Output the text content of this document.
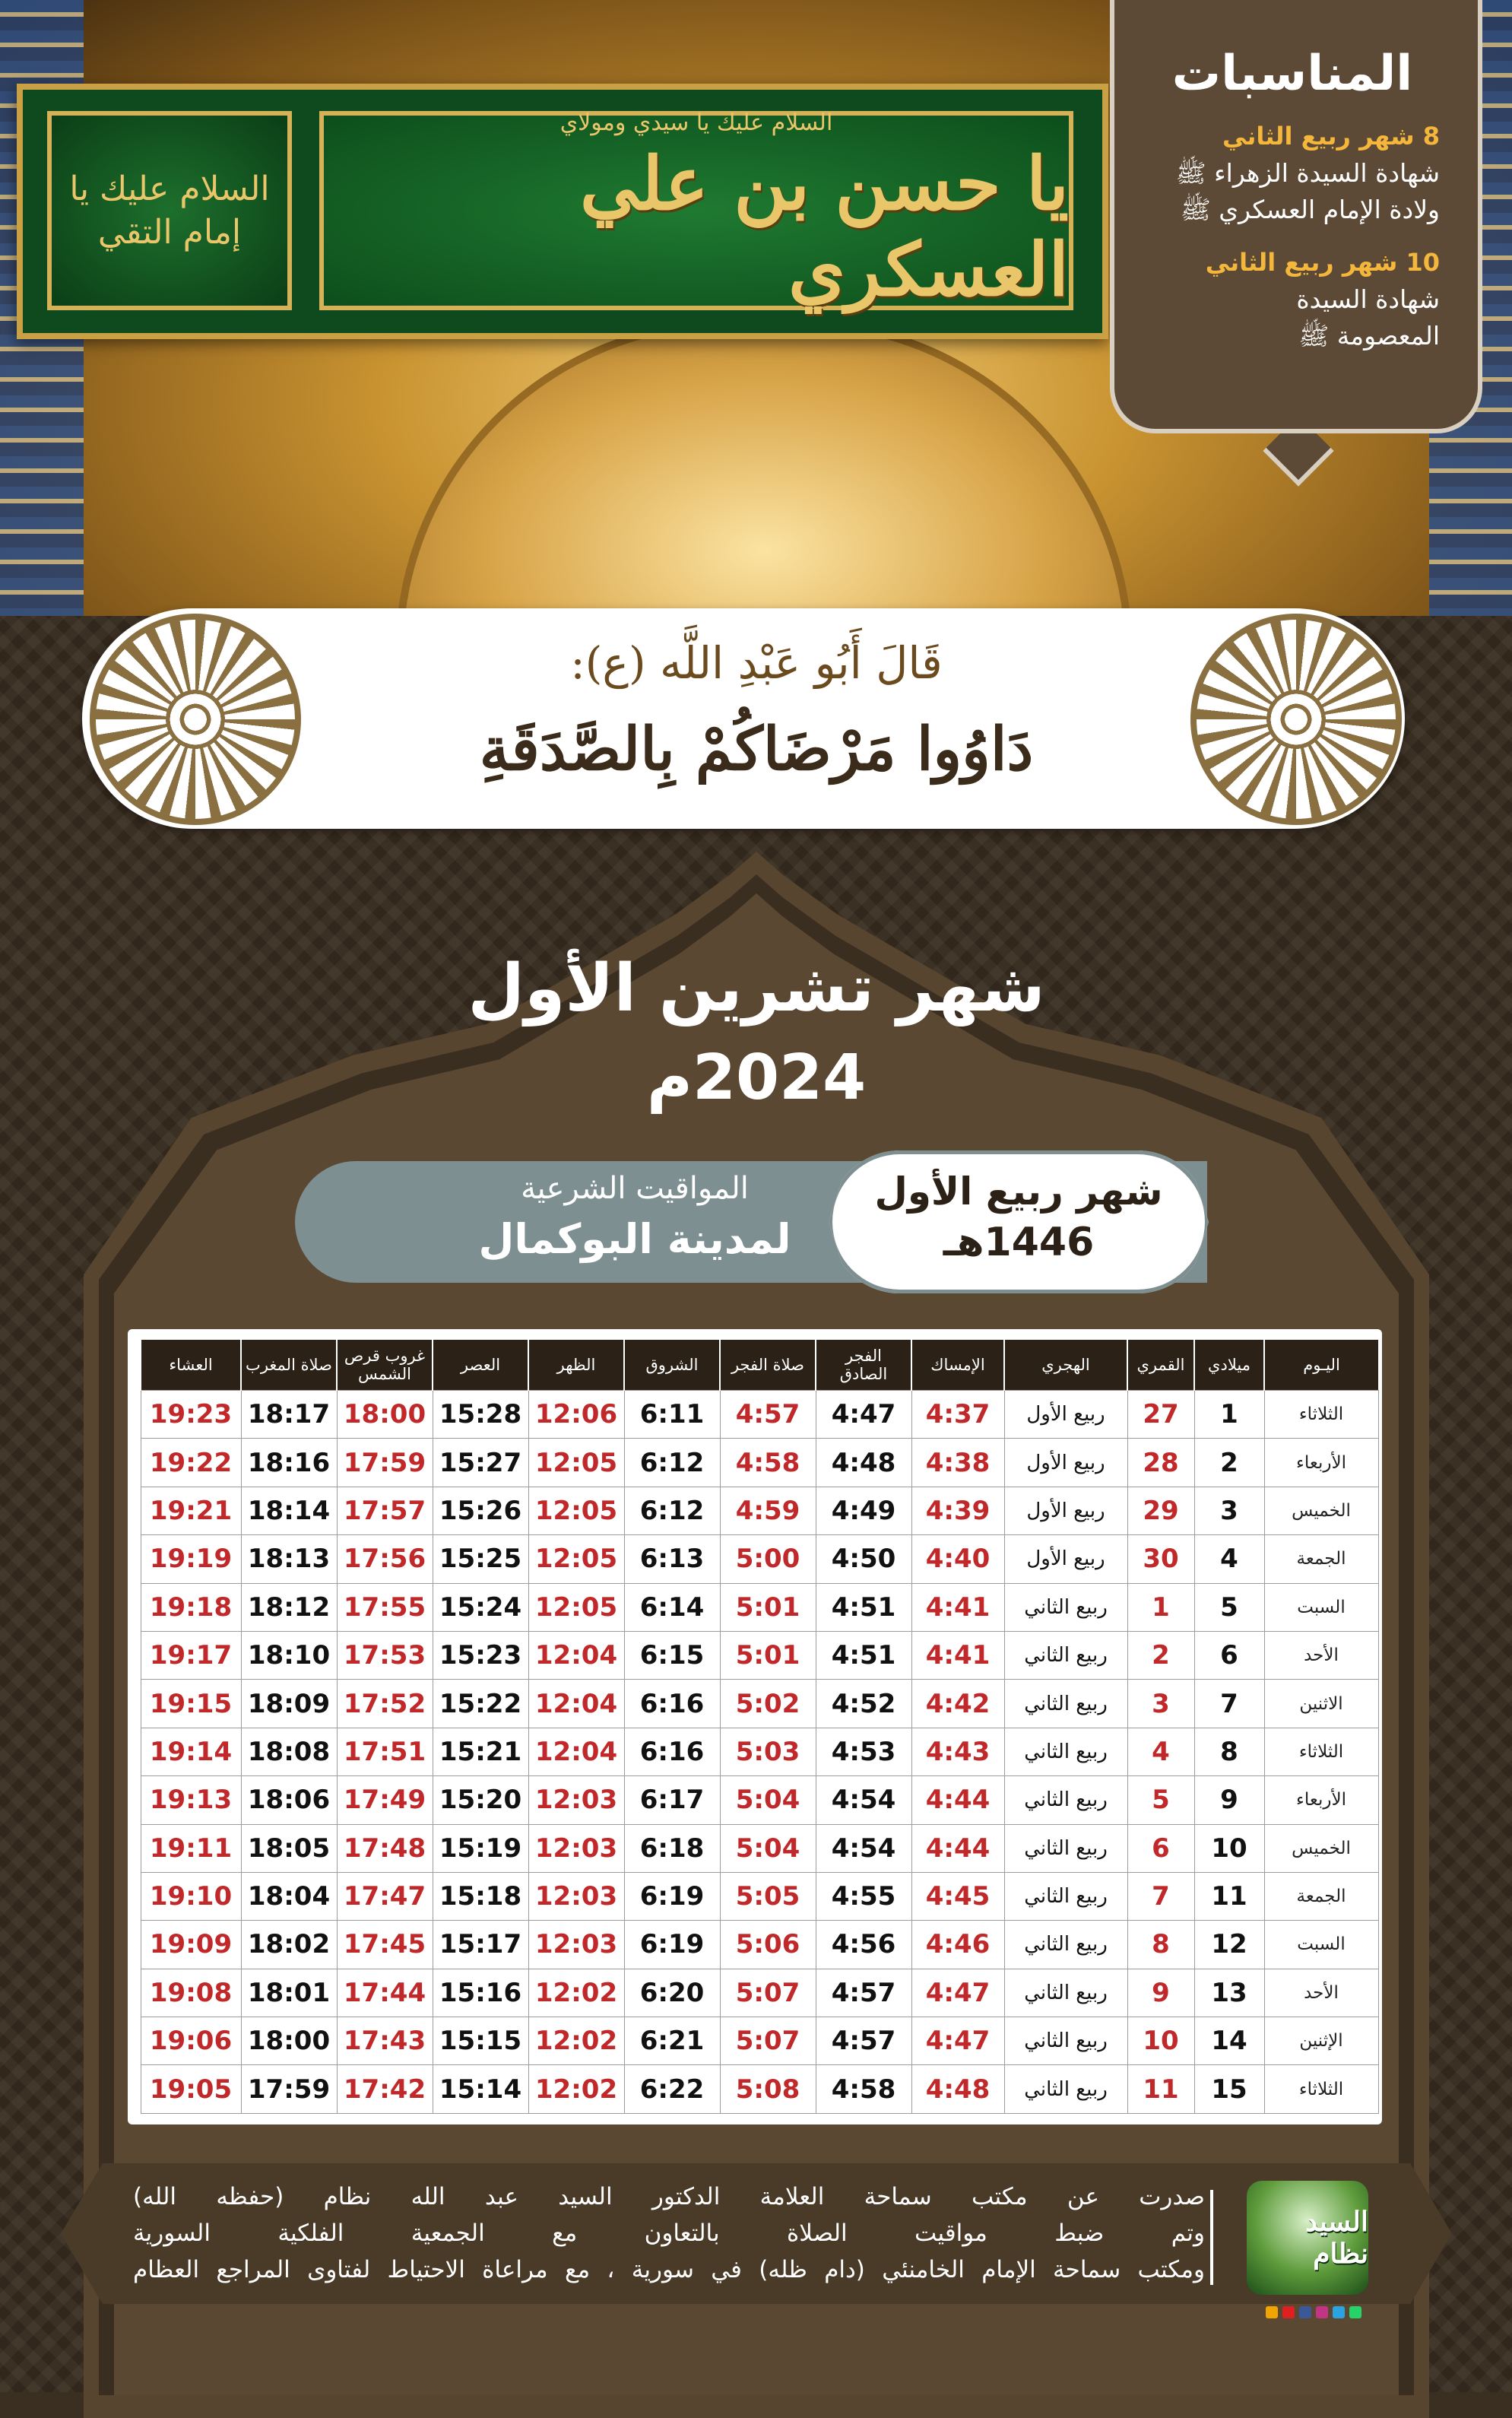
السلام عليك يا إمام التقي
السلام عليك يا سيدي ومولاي
يا حسن بن علي العسكري
المناسبات
8 شهر ربيع الثاني
شهادة السيدة الزهراء ﷺ
ولادة الإمام العسكري ﷺ
10 شهر ربيع الثاني
شهادة السيدة
المعصومة ﷺ
قَالَ أَبُو عَبْدِ اللَّه (ع):
دَاوُوا مَرْضَاكُمْ بِالصَّدَقَةِ
شهر تشرين الأول
2024م
المواقيت الشرعية
لمدينة البوكمال
شهر ربيع الأول
1446هـ
اليـوم	ميلادي	القمري	الهجري	الإمساك	الفجر الصادق	صلاة الفجر	الشروق	الظهر	العصر	غروب قرص الشمس	صلاة المغرب	العشاء
الثلاثاء	1	27	ربيع الأول	4:37	4:47	4:57	6:11	12:06	15:28	18:00	18:17	19:23
الأربعاء	2	28	ربيع الأول	4:38	4:48	4:58	6:12	12:05	15:27	17:59	18:16	19:22
الخميس	3	29	ربيع الأول	4:39	4:49	4:59	6:12	12:05	15:26	17:57	18:14	19:21
الجمعة	4	30	ربيع الأول	4:40	4:50	5:00	6:13	12:05	15:25	17:56	18:13	19:19
السبت	5	1	ربيع الثاني	4:41	4:51	5:01	6:14	12:05	15:24	17:55	18:12	19:18
الأحد	6	2	ربيع الثاني	4:41	4:51	5:01	6:15	12:04	15:23	17:53	18:10	19:17
الاثنين	7	3	ربيع الثاني	4:42	4:52	5:02	6:16	12:04	15:22	17:52	18:09	19:15
الثلاثاء	8	4	ربيع الثاني	4:43	4:53	5:03	6:16	12:04	15:21	17:51	18:08	19:14
الأربعاء	9	5	ربيع الثاني	4:44	4:54	5:04	6:17	12:03	15:20	17:49	18:06	19:13
الخميس	10	6	ربيع الثاني	4:44	4:54	5:04	6:18	12:03	15:19	17:48	18:05	19:11
الجمعة	11	7	ربيع الثاني	4:45	4:55	5:05	6:19	12:03	15:18	17:47	18:04	19:10
السبت	12	8	ربيع الثاني	4:46	4:56	5:06	6:19	12:03	15:17	17:45	18:02	19:09
الأحد	13	9	ربيع الثاني	4:47	4:57	5:07	6:20	12:02	15:16	17:44	18:01	19:08
الإثنين	14	10	ربيع الثاني	4:47	4:57	5:07	6:21	12:02	15:15	17:43	18:00	19:06
الثلاثاء	15	11	ربيع الثاني	4:48	4:58	5:08	6:22	12:02	15:14	17:42	17:59	19:05
صدرت عن مكتب سماحة العلامة الدكتور السيد عبد الله نظام (حفظه الله)
وتم ضبط مواقيت الصلاة بالتعاون مع الجمعية الفلكية السورية
ومكتب سماحة الإمام الخامنئي (دام ظله) في سورية ، مع مراعاة الاحتياط لفتاوى المراجع العظام
السيد نظام
